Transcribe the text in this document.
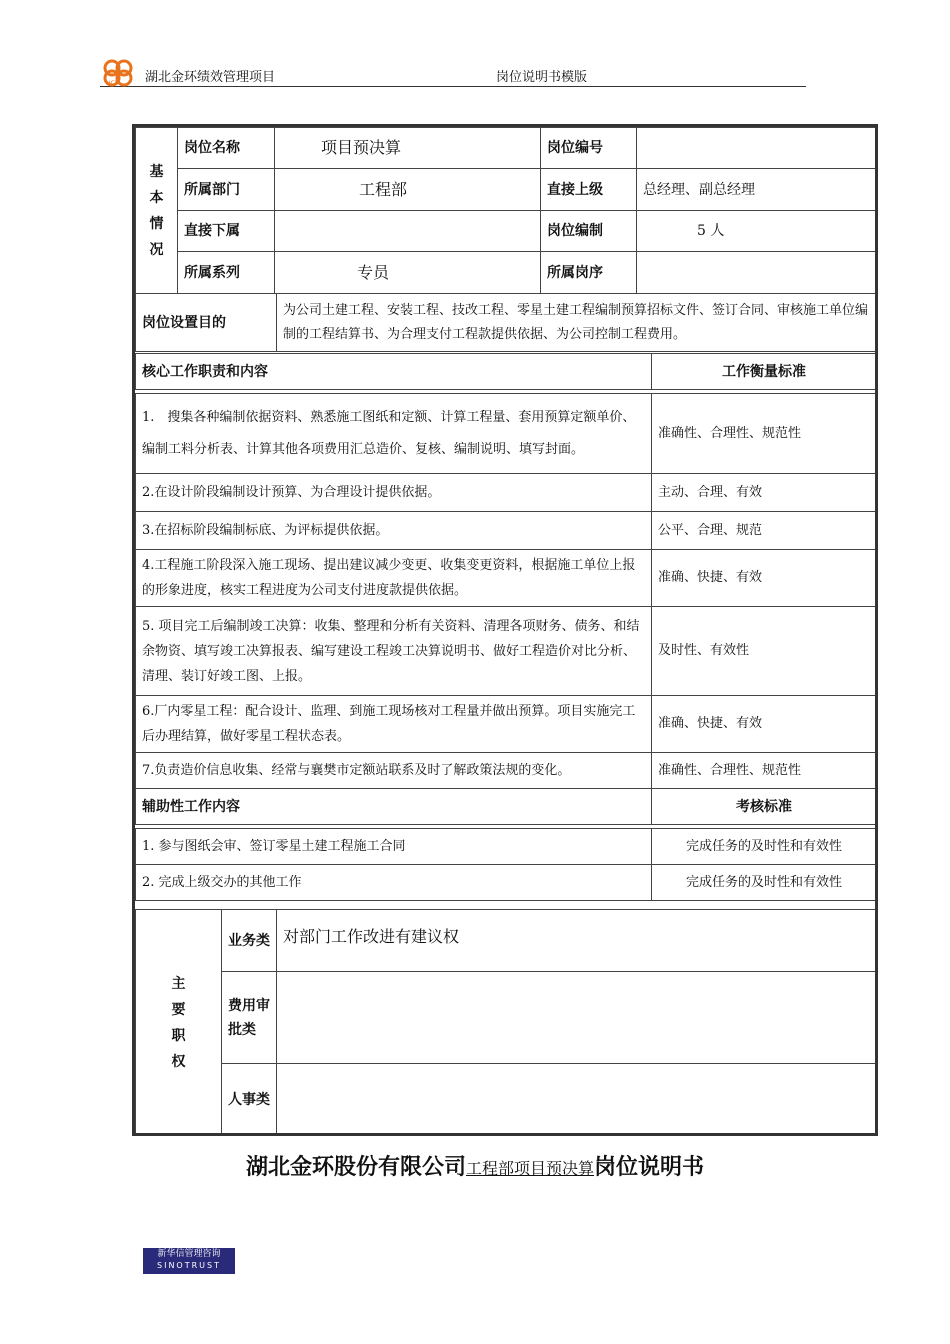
HCF 湖北金环绩效管理项目	岗位说明书模版
基本情况	岗位名称	项目预决算	岗位编号	
	所属部门	工程部	直接上级	总经理、副总经理
	直接下属		岗位编制	5 人
	所属系列	专员	所属岗序	
岗位设置目的	为公司土建工程、安装工程、技改工程、零星土建工程编制预算招标文件、签订合同、审核施工单位编制的工程结算书、为合理支付工程款提供依据、为公司控制工程费用。
核心工作职责和内容	工作衡量标准

1.　搜集各种编制依据资料、熟悉施工图纸和定额、计算工程量、套用预算定额单价、编制工料分析表、计算其他各项费用汇总造价、复核、编制说明、填写封面。	准确性、合理性、规范性
2.在设计阶段编制设计预算、为合理设计提供依据。	主动、合理、有效
3.在招标阶段编制标底、为评标提供依据。	公平、合理、规范
4.工程施工阶段深入施工现场、提出建议减少变更、收集变更资料，根据施工单位上报的形象进度，核实工程进度为公司支付进度款提供依据。	准确、快捷、有效
5. 项目完工后编制竣工决算：收集、整理和分析有关资料、清理各项财务、债务、和结余物资、填写竣工决算报表、编写建设工程竣工决算说明书、做好工程造价对比分析、清理、装订好竣工图、上报。	及时性、有效性
6.厂内零星工程：配合设计、监理、到施工现场核对工程量并做出预算。项目实施完工后办理结算，做好零星工程状态表。	准确、快捷、有效
7.负责造价信息收集、经常与襄樊市定额站联系及时了解政策法规的变化。	准确性、合理性、规范性
辅助性工作内容	考核标准

1. 参与图纸会审、签订零星土建工程施工合同	完成任务的及时性和有效性
2. 完成上级交办的其他工作	完成任务的及时性和有效性
主要职权	业务类	对部门工作改进有建议权
	费用审批类	
	人事类	
湖北金环股份有限公司工程部项目预决算岗位说明书
新华信管理咨询
SINOTRUST
